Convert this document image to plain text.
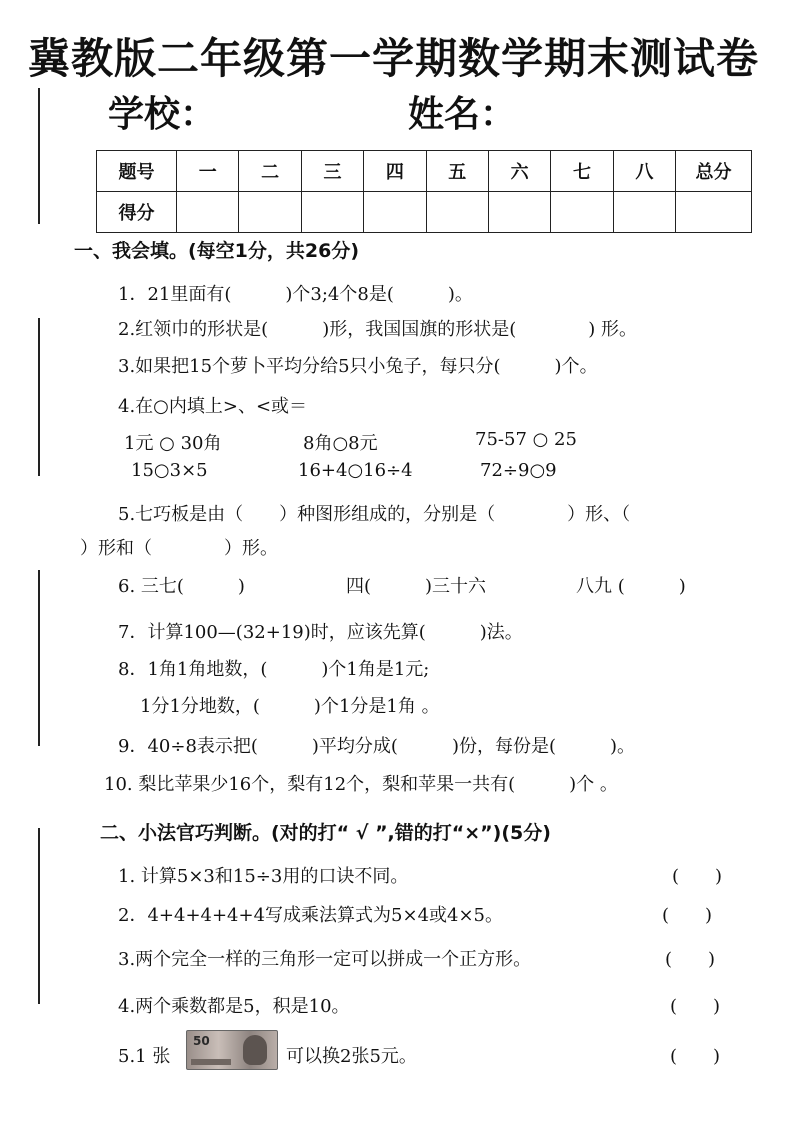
冀教版二年级第一学期数学期末测试卷
学校：	姓名：
题号	一	二	三	四	五	六	七	八	总分
得分									
一、我会填。(每空1分，共26分)
1．21里面有(　　　)个3;4个8是(　　　)。
2.红领巾的形状是(　　　)形，我国国旗的形状是(　　　　) 形。
3.如果把15个萝卜平均分给5只小兔子，每只分(　　　)个。
4.在○内填上>、<或＝
1元 ○ 30角	8角○8元	75-57 ○ 25
15○3×5	16+4○16÷4	72÷9○9
5.七巧板是由（　　）种图形组成的，分别是（　　　　）形、（
）形和（　　　　）形。
6. 三七(　　　)	四(　　　)三十六	八九 (　　　)
7．计算100—(32+19)时，应该先算(　　　)法。
8．1角1角地数，(　　　)个1角是1元;
1分1分地数，(　　　)个1分是1角 。
9．40÷8表示把(　　　)平均分成(　　　)份，每份是(　　　)。
10. 梨比苹果少16个，梨有12个，梨和苹果一共有(　　　)个 。
二、小法官巧判断。(对的打“ √ ”,错的打“×”)(5分)
1. 计算5×3和15÷3用的口诀不同。	(　　)
2．4+4+4+4+4写成乘法算式为5×4或4×5。	(　　)
3.两个完全一样的三角形一定可以拼成一个正方形。	(　　)
4.两个乘数都是5，积是10。	(　　)
5.1 张
50
可以换2张5元。	(　　)
